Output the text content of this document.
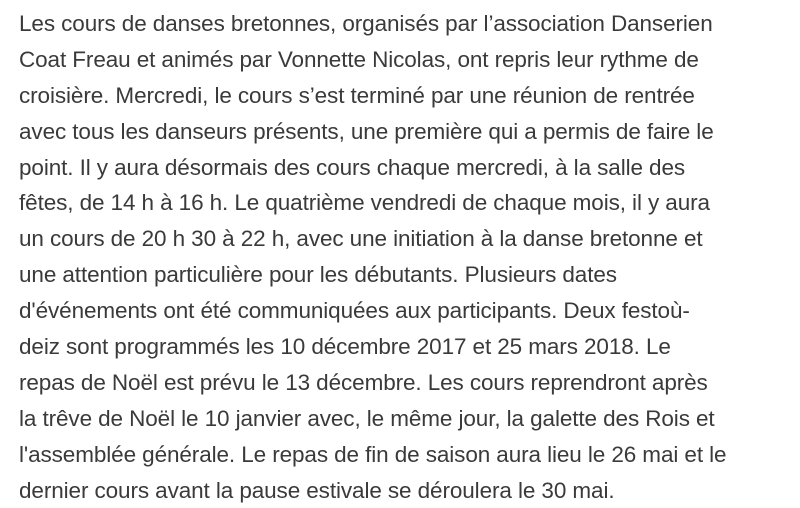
Les cours de danses bretonnes, organisés par l’association Danserien
Coat Freau et animés par Vonnette Nicolas, ont repris leur rythme de
croisière. Mercredi, le cours s’est terminé par une réunion de rentrée
avec tous les danseurs présents, une première qui a permis de faire le
point. Il y aura désormais des cours chaque mercredi, à la salle des
fêtes, de 14 h à 16 h. Le quatrième vendredi de chaque mois, il y aura
un cours de 20 h 30 à 22 h, avec une initiation à la danse bretonne et
une attention particulière pour les débutants. Plusieurs dates
d'événements ont été communiquées aux participants. Deux festoù-
deiz sont programmés les 10 décembre 2017 et 25 mars 2018. Le
repas de Noël est prévu le 13 décembre. Les cours reprendront après
la trêve de Noël le 10 janvier avec, le même jour, la galette des Rois et
l'assemblée générale. Le repas de fin de saison aura lieu le 26 mai et le
dernier cours avant la pause estivale se déroulera le 30 mai.
